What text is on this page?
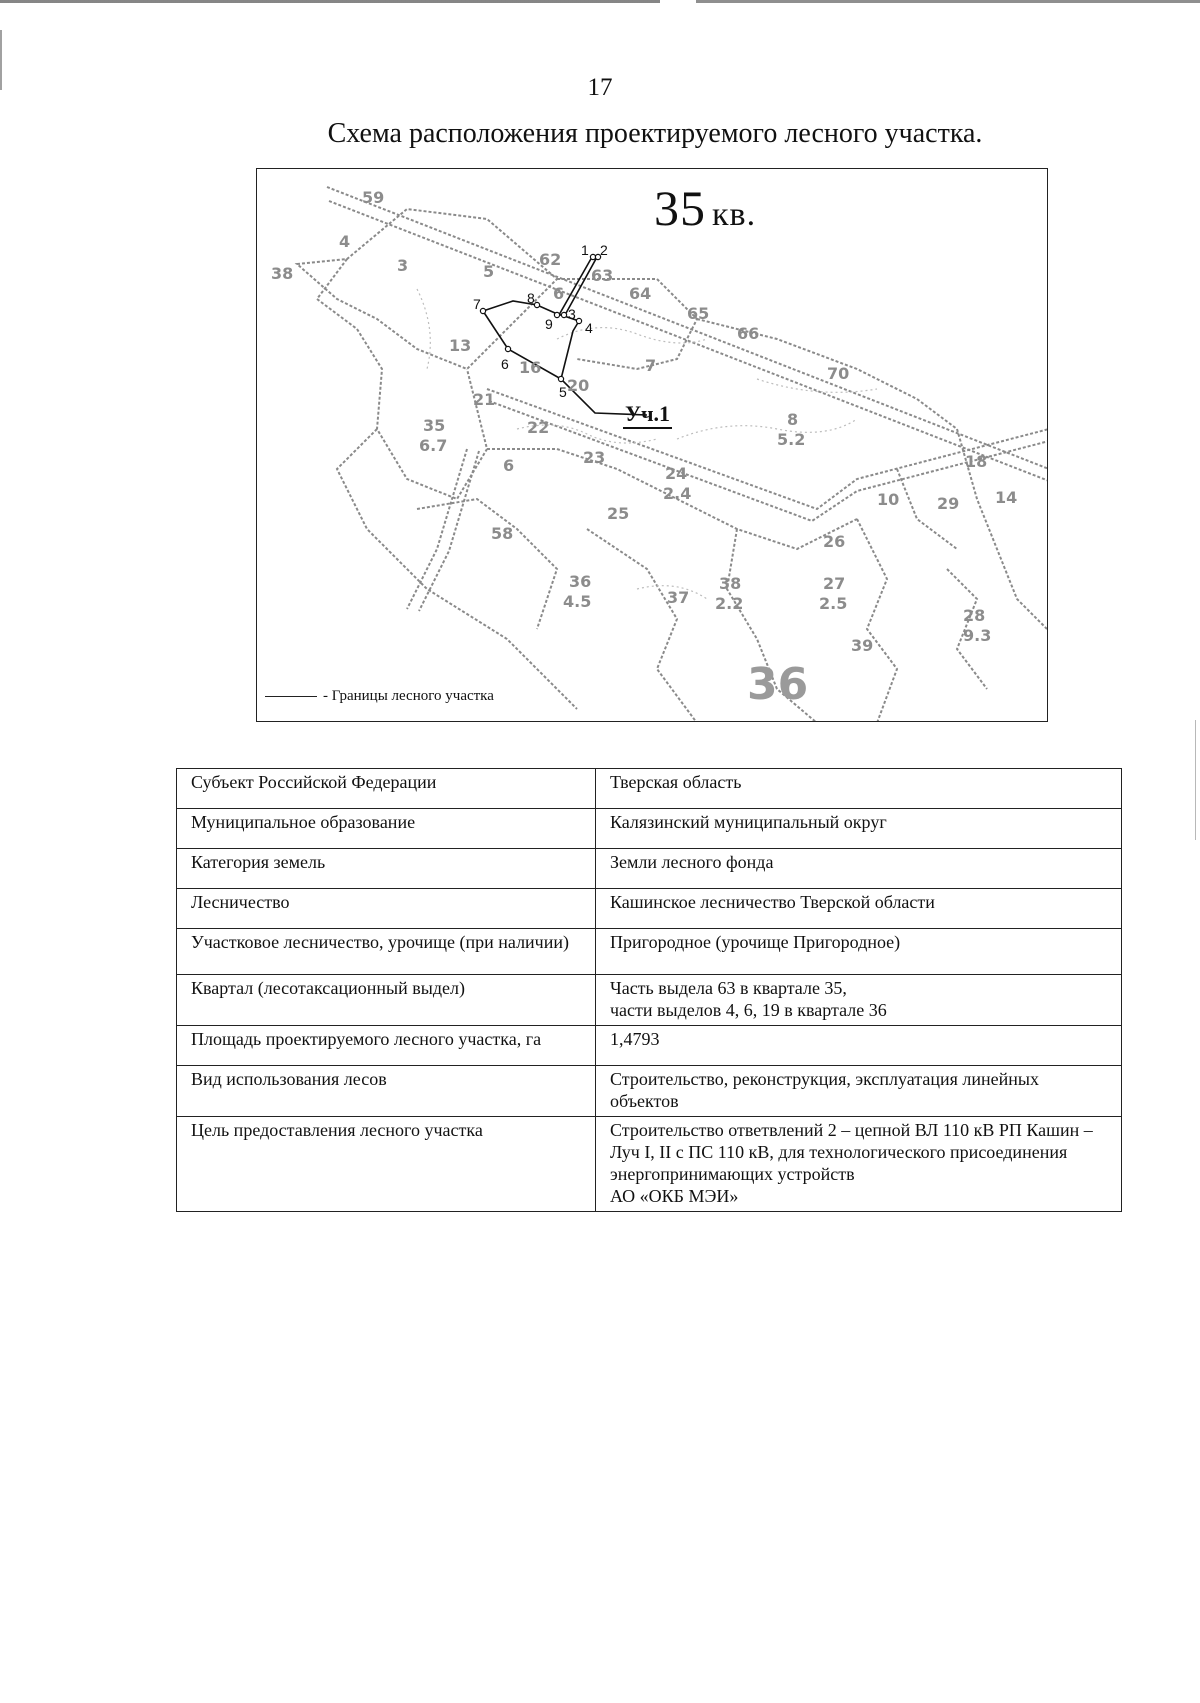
17
Схема расположения проектируемого лесного участка.
1 2
3
4
5
6
7	8
9
59
38
4
3	5
62
63
64
65
66
6
13
16
20
7
21
70
8
5.2
35
6.7
6
22
23
24
2.4
25
10 29 14
18
26
58
36
4.5	37
38
2.2
27
2.5
39
28
9.3
36
35 кв.
Уч.1
- Границы лесного участка
Субъект Российской Федерации	Тверская область

Муниципальное образование	Калязинский муниципальный округ

Категория земель	Земли лесного фонда

Лесничество	Кашинское лесничество Тверской области

Участковое лесничество, урочище (при наличии)	Пригородное (урочище Пригородное)

Квартал (лесотаксационный выдел)	Часть выдела 63 в квартале 35,
части выделов 4, 6, 19 в квартале 36

Площадь проектируемого лесного участка, га	1,4793

Вид использования лесов	Строительство, реконструкция, эксплуатация линейных объектов

Цель предоставления лесного участка	Строительство ответвлений 2 – цепной ВЛ 110 кВ РП Кашин – Луч I, II с ПС 110 кВ, для технологического присоединения энергопринимающих устройств
АО «ОКБ МЭИ»
